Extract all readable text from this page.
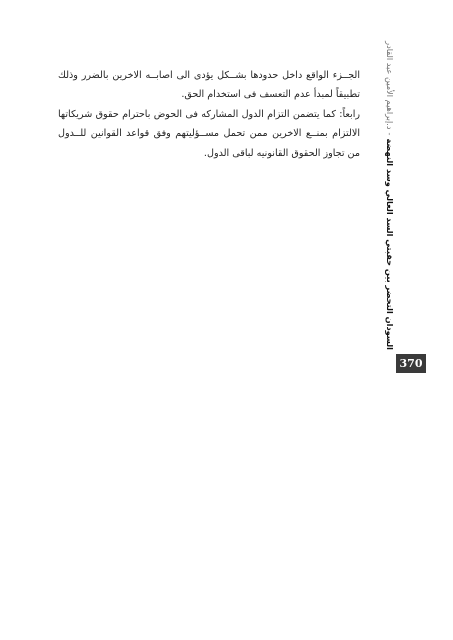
السودان التحضر بين حقبتي السد العالي وسد النهضة-د.إبراهيم الأمين عبد القادر
370

الجــزء الواقع داخل حدودها بشــكل يؤدى الى اصابــه الاخرين بالضرر وذلك تطبيقاً لمبدأ عدم التعسف فى استخدام الحق.

رابعاً: كما يتضمن التزام الدول المشاركه فى الحوض باحترام حقوق شريكاتها الالتزام بمنــع الاخرين ممن تحمل مســؤليتهم وفق قواعد القوانين للــدول من تجاوز الحقوق القانونيه لباقى الدول.
